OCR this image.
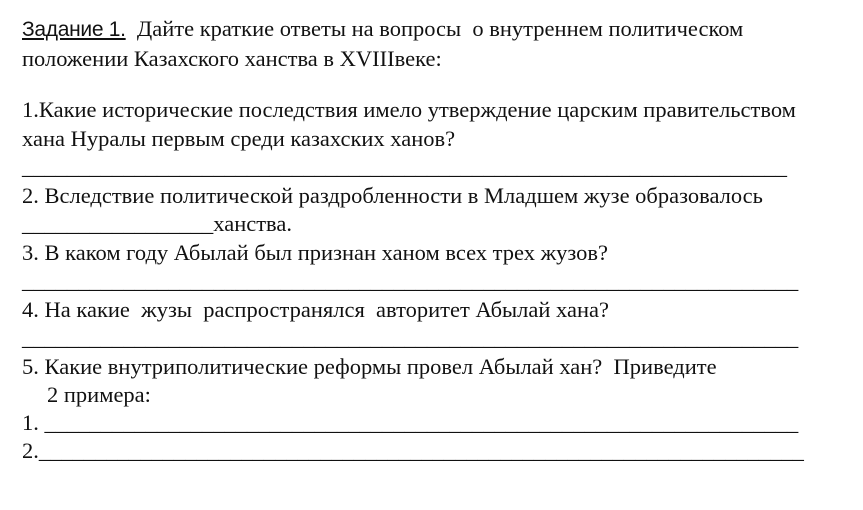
Задание 1.  Дайте краткие ответы на вопросы  о внутреннем политическом
положении Казахского ханства в XVIIIвеке:
1.Какие исторические последствия имело утверждение царским правительством
хана Нуралы первым среди казахских ханов?
____________________________________________________________________
2. Вследствие политической раздробленности в Младшем жузе образовалось
_________________ханства.
3. В каком году Абылай был признан ханом всех трех жузов?
_____________________________________________________________________
4. На какие  жузы  распространялся  авторитет Абылай хана?
_____________________________________________________________________
5. Какие внутриполитические реформы провел Абылай хан?  Приведите
2 примера:
1. ___________________________________________________________________
2.____________________________________________________________________
